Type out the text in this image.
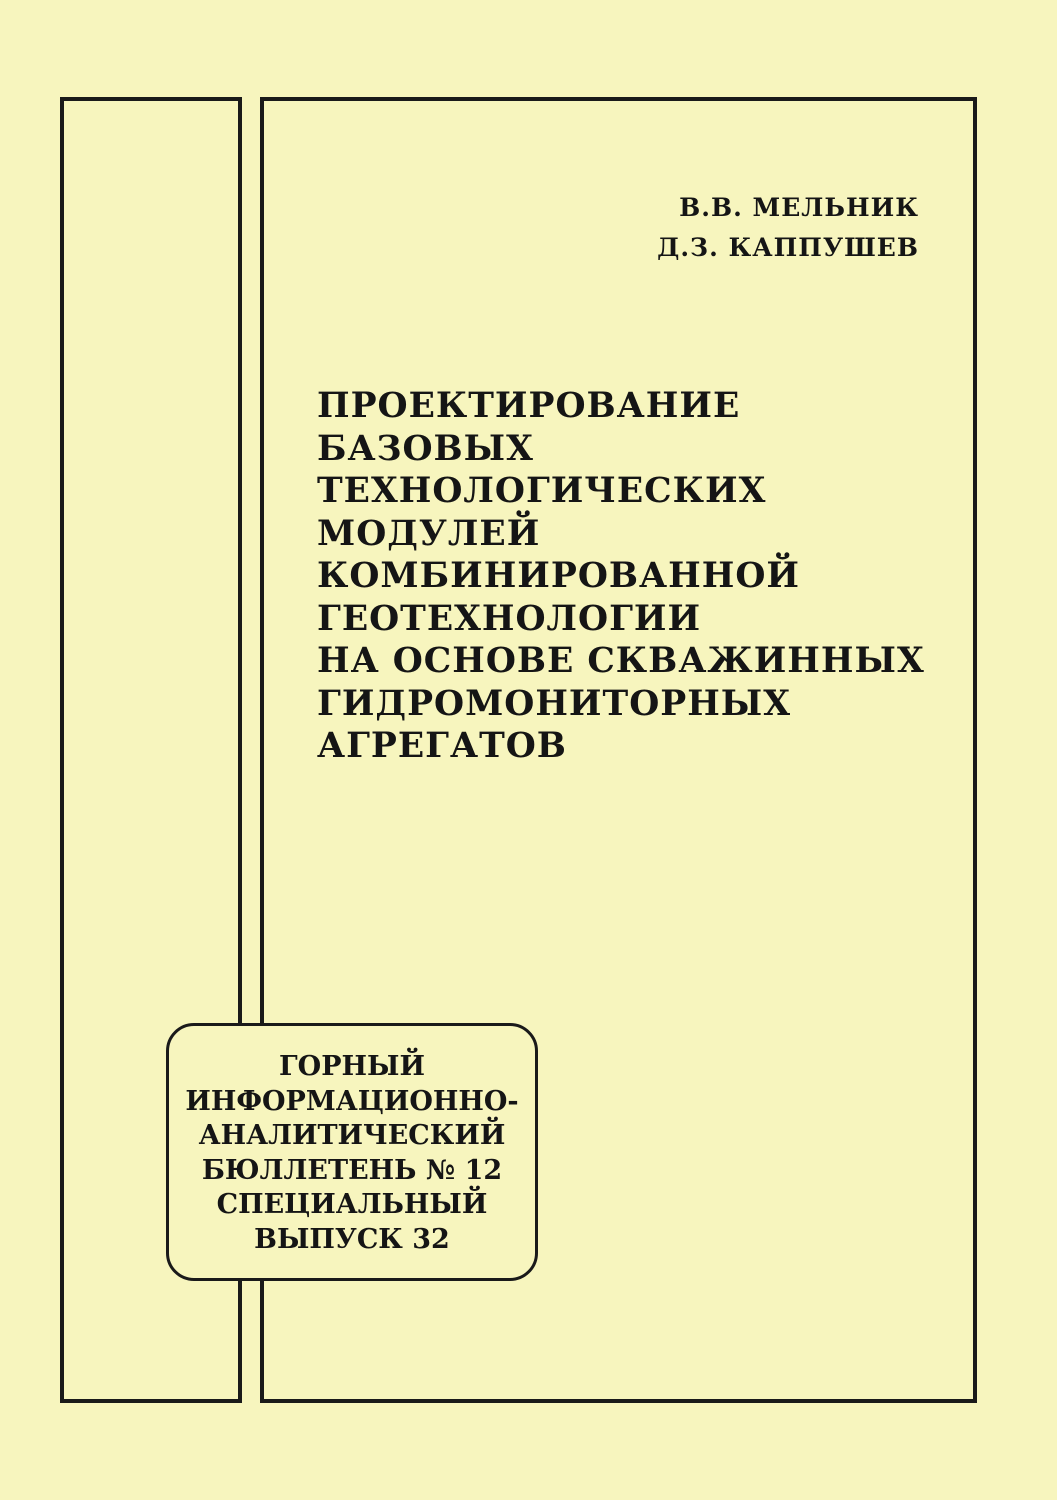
В.В. МЕЛЬНИК
Д.З. КАППУШЕВ
ПРОЕКТИРОВАНИЕ
БАЗОВЫХ
ТЕХНОЛОГИЧЕСКИХ
МОДУЛЕЙ
КОМБИНИРОВАННОЙ
ГЕОТЕХНОЛОГИИ
НА ОСНОВЕ СКВАЖИННЫХ
ГИДРОМОНИТОРНЫХ
АГРЕГАТОВ
ГОРНЫЙ
ИНФОРМАЦИОННО-
АНАЛИТИЧЕСКИЙ
БЮЛЛЕТЕНЬ № 12
СПЕЦИАЛЬНЫЙ
ВЫПУСК 32
